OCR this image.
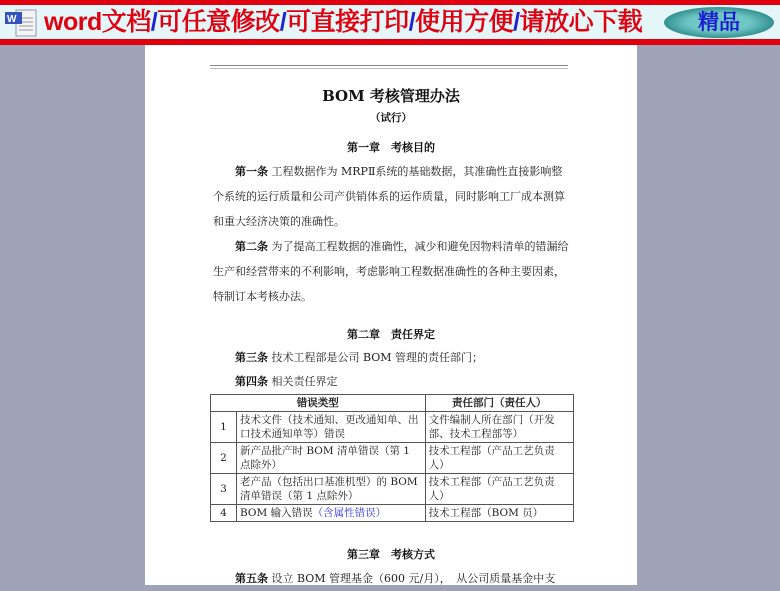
W word文档/可任意修改/可直接打印/使用方便/请放心下载	精品
BOM 考核管理办法
（试行）
第一章　考核目的
第一条 工程数据作为 MRPⅡ系统的基础数据，其准确性直接影响整个系统的运行质量和公司产供销体系的运作质量，同时影响工厂成本测算和重大经济决策的准确性。
第二条 为了提高工程数据的准确性，减少和避免因物料清单的错漏给生产和经营带来的不利影响，考虑影响工程数据准确性的各种主要因素，特制订本考核办法。
第二章　责任界定
第三条 技术工程部是公司 BOM 管理的责任部门；
第四条 相关责任界定
错误类型		责任部门（责任人）
1	技术文件（技术通知、更改通知单、出口技术通知单等）错误	文件编制人所在部门（开发部、技术工程部等）
2	新产品批产时 BOM 清单错误（第 1 点除外）	技术工程部（产品工艺负责人）
3	老产品（包括出口基准机型）的 BOM 清单错误（第 1 点除外）	技术工程部（产品工艺负责人）
4	BOM 输入错误（含属性错误）	技术工程部（BOM 员）
第三章　考核方式
第五条 设立 BOM 管理基金（600 元/月），　从公司质量基金中支
